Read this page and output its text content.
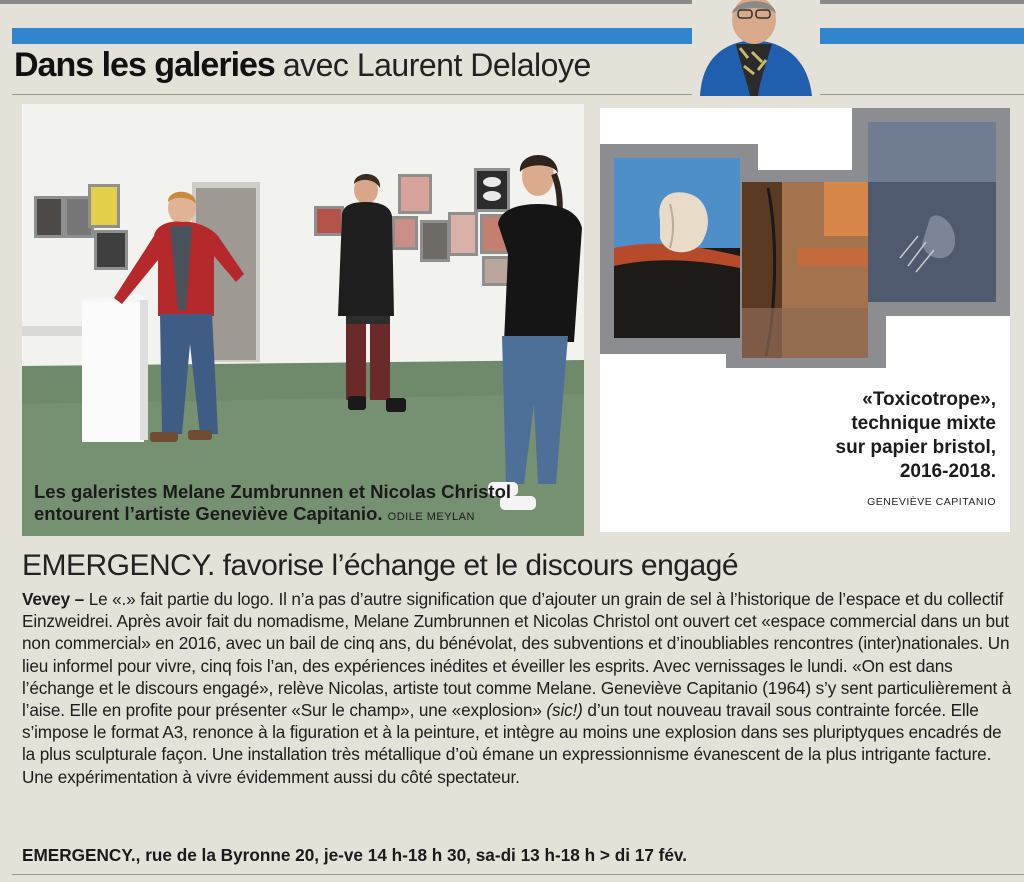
Dans les galeries avec Laurent Delaloye
Les galeristes Melane Zumbrunnen et Nicolas Christol entourent l’artiste Geneviève Capitanio. ODILE MEYLAN
«Toxicotrope»,
technique mixte
sur papier bristol,
2016-2018.
GENEVIÈVE CAPITANIO
EMERGENCY. favorise l’échange et le discours engagé

Vevey – Le «.» fait partie du logo. Il n’a pas d’autre signification que d’ajouter un grain de sel à l’historique de l’espace et du collectif Einzweidrei. Après avoir fait du nomadisme, Melane Zumbrunnen et Nicolas Christol ont ouvert cet «espace commercial dans un but non commercial» en 2016, avec un bail de cinq ans, du bénévolat, des subventions et d’inoubliables rencontres (inter)nationales. Un lieu informel pour vivre, cinq fois l’an, des expériences inédites et éveiller les esprits. Avec vernissages le lundi. «On est dans l’échange et le discours engagé», relève Nicolas, artiste tout comme Melane. Geneviève Capitanio (1964) s’y sent particulièrement à l’aise. Elle en profite pour présenter «Sur le champ», une «explosion» (sic!) d’un tout nouveau travail sous contrainte forcée. Elle s’impose le format A3, renonce à la figuration et à la peinture, et intègre au moins une explosion dans ses pluriptyques encadrés de la plus sculpturale façon. Une installation très métallique d’où émane un expressionnisme évanescent de la plus intrigante facture. Une expérimentation à vivre évidemment aussi du côté spectateur.

EMERGENCY., rue de la Byronne 20, je-ve 14 h-18 h 30, sa-di 13 h-18 h > di 17 fév.
